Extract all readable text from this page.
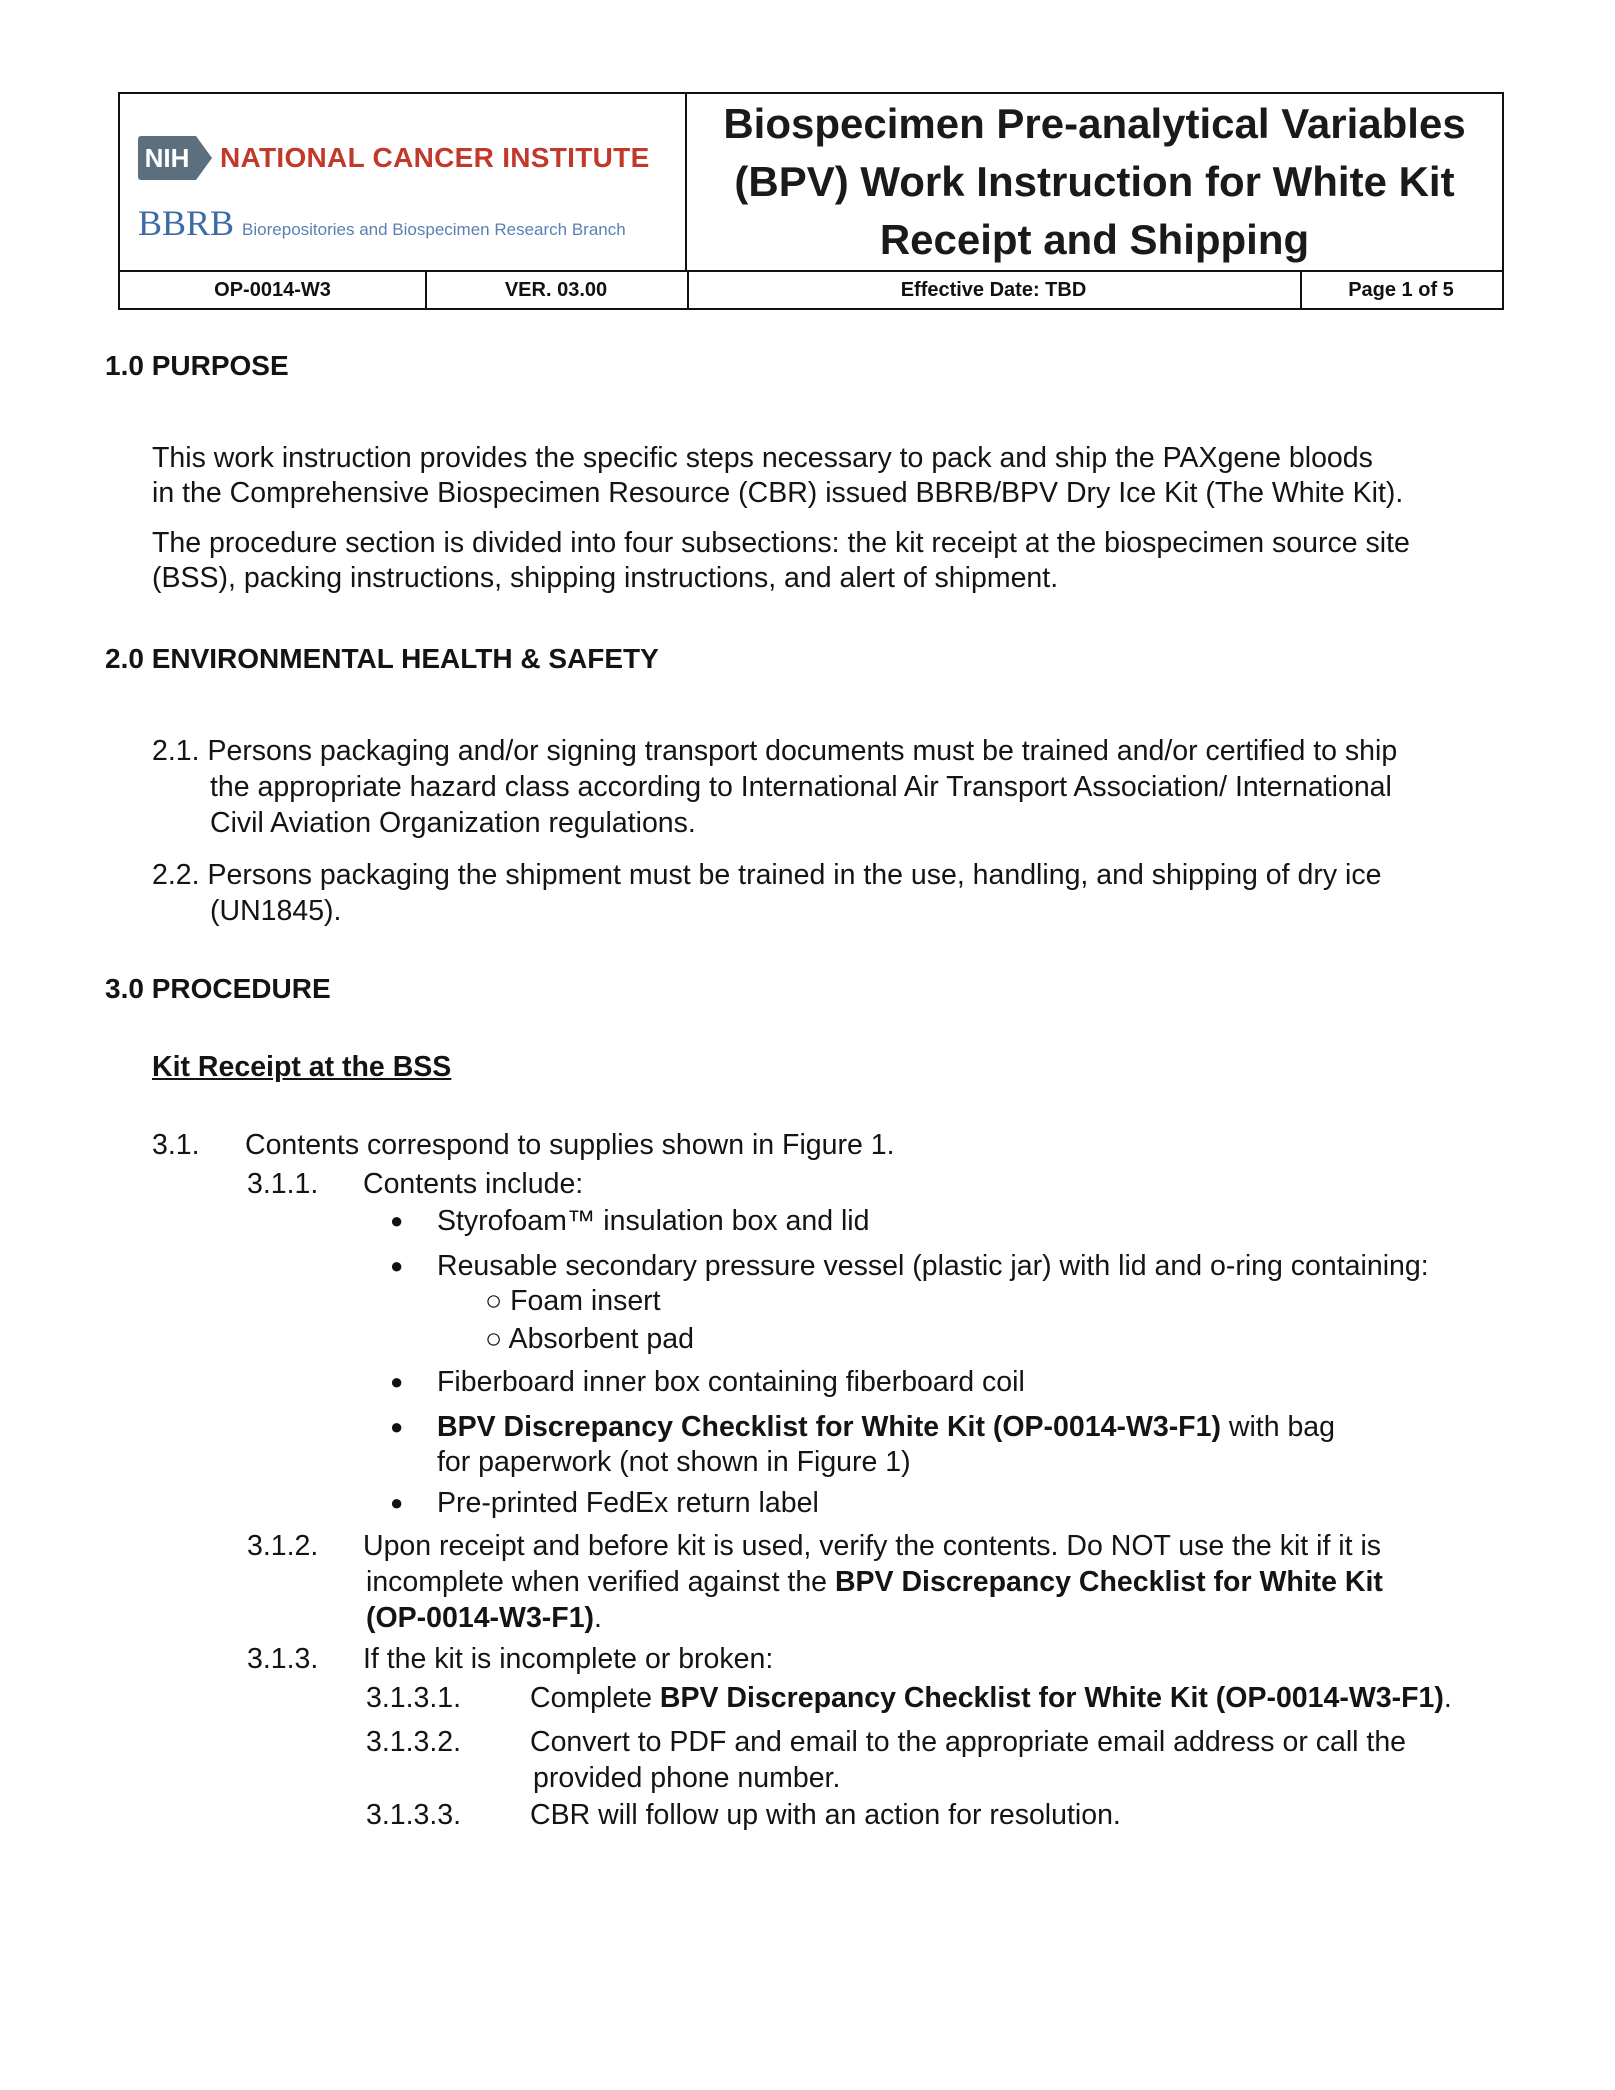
NIH NATIONAL CANCER INSTITUTE
BBRB Biorepositories and Biospecimen Research Branch
Biospecimen Pre-analytical Variables
(BPV) Work Instruction for White Kit
Receipt and Shipping
OP-0014-W3	VER. 03.00	Effective Date: TBD	Page 1 of 5
1.0 PURPOSE
This work instruction provides the specific steps necessary to pack and ship the PAXgene bloods
in the Comprehensive Biospecimen Resource (CBR) issued BBRB/BPV Dry Ice Kit (The White Kit).
The procedure section is divided into four subsections: the kit receipt at the biospecimen source site
(BSS), packing instructions, shipping instructions, and alert of shipment.
2.0 ENVIRONMENTAL HEALTH & SAFETY
2.1. Persons packaging and/or signing transport documents must be trained and/or certified to ship
the appropriate hazard class according to International Air Transport Association/ International
Civil Aviation Organization regulations.
2.2. Persons packaging the shipment must be trained in the use, handling, and shipping of dry ice
(UN1845).
3.0 PROCEDURE
Kit Receipt at the BSS
3.1. Contents correspond to supplies shown in Figure 1.
3.1.1. Contents include:
● Styrofoam™ insulation box and lid
● Reusable secondary pressure vessel (plastic jar) with lid and o-ring containing:
○ Foam insert
○ Absorbent pad
● Fiberboard inner box containing fiberboard coil
● BPV Discrepancy Checklist for White Kit (OP-0014-W3-F1) with bag
for paperwork (not shown in Figure 1)
● Pre-printed FedEx return label
3.1.2. Upon receipt and before kit is used, verify the contents. Do NOT use the kit if it is
incomplete when verified against the BPV Discrepancy Checklist for White Kit
(OP-0014-W3-F1).
3.1.3. If the kit is incomplete or broken:
3.1.3.1. Complete BPV Discrepancy Checklist for White Kit (OP-0014-W3-F1).
3.1.3.2. Convert to PDF and email to the appropriate email address or call the
provided phone number.
3.1.3.3. CBR will follow up with an action for resolution.
